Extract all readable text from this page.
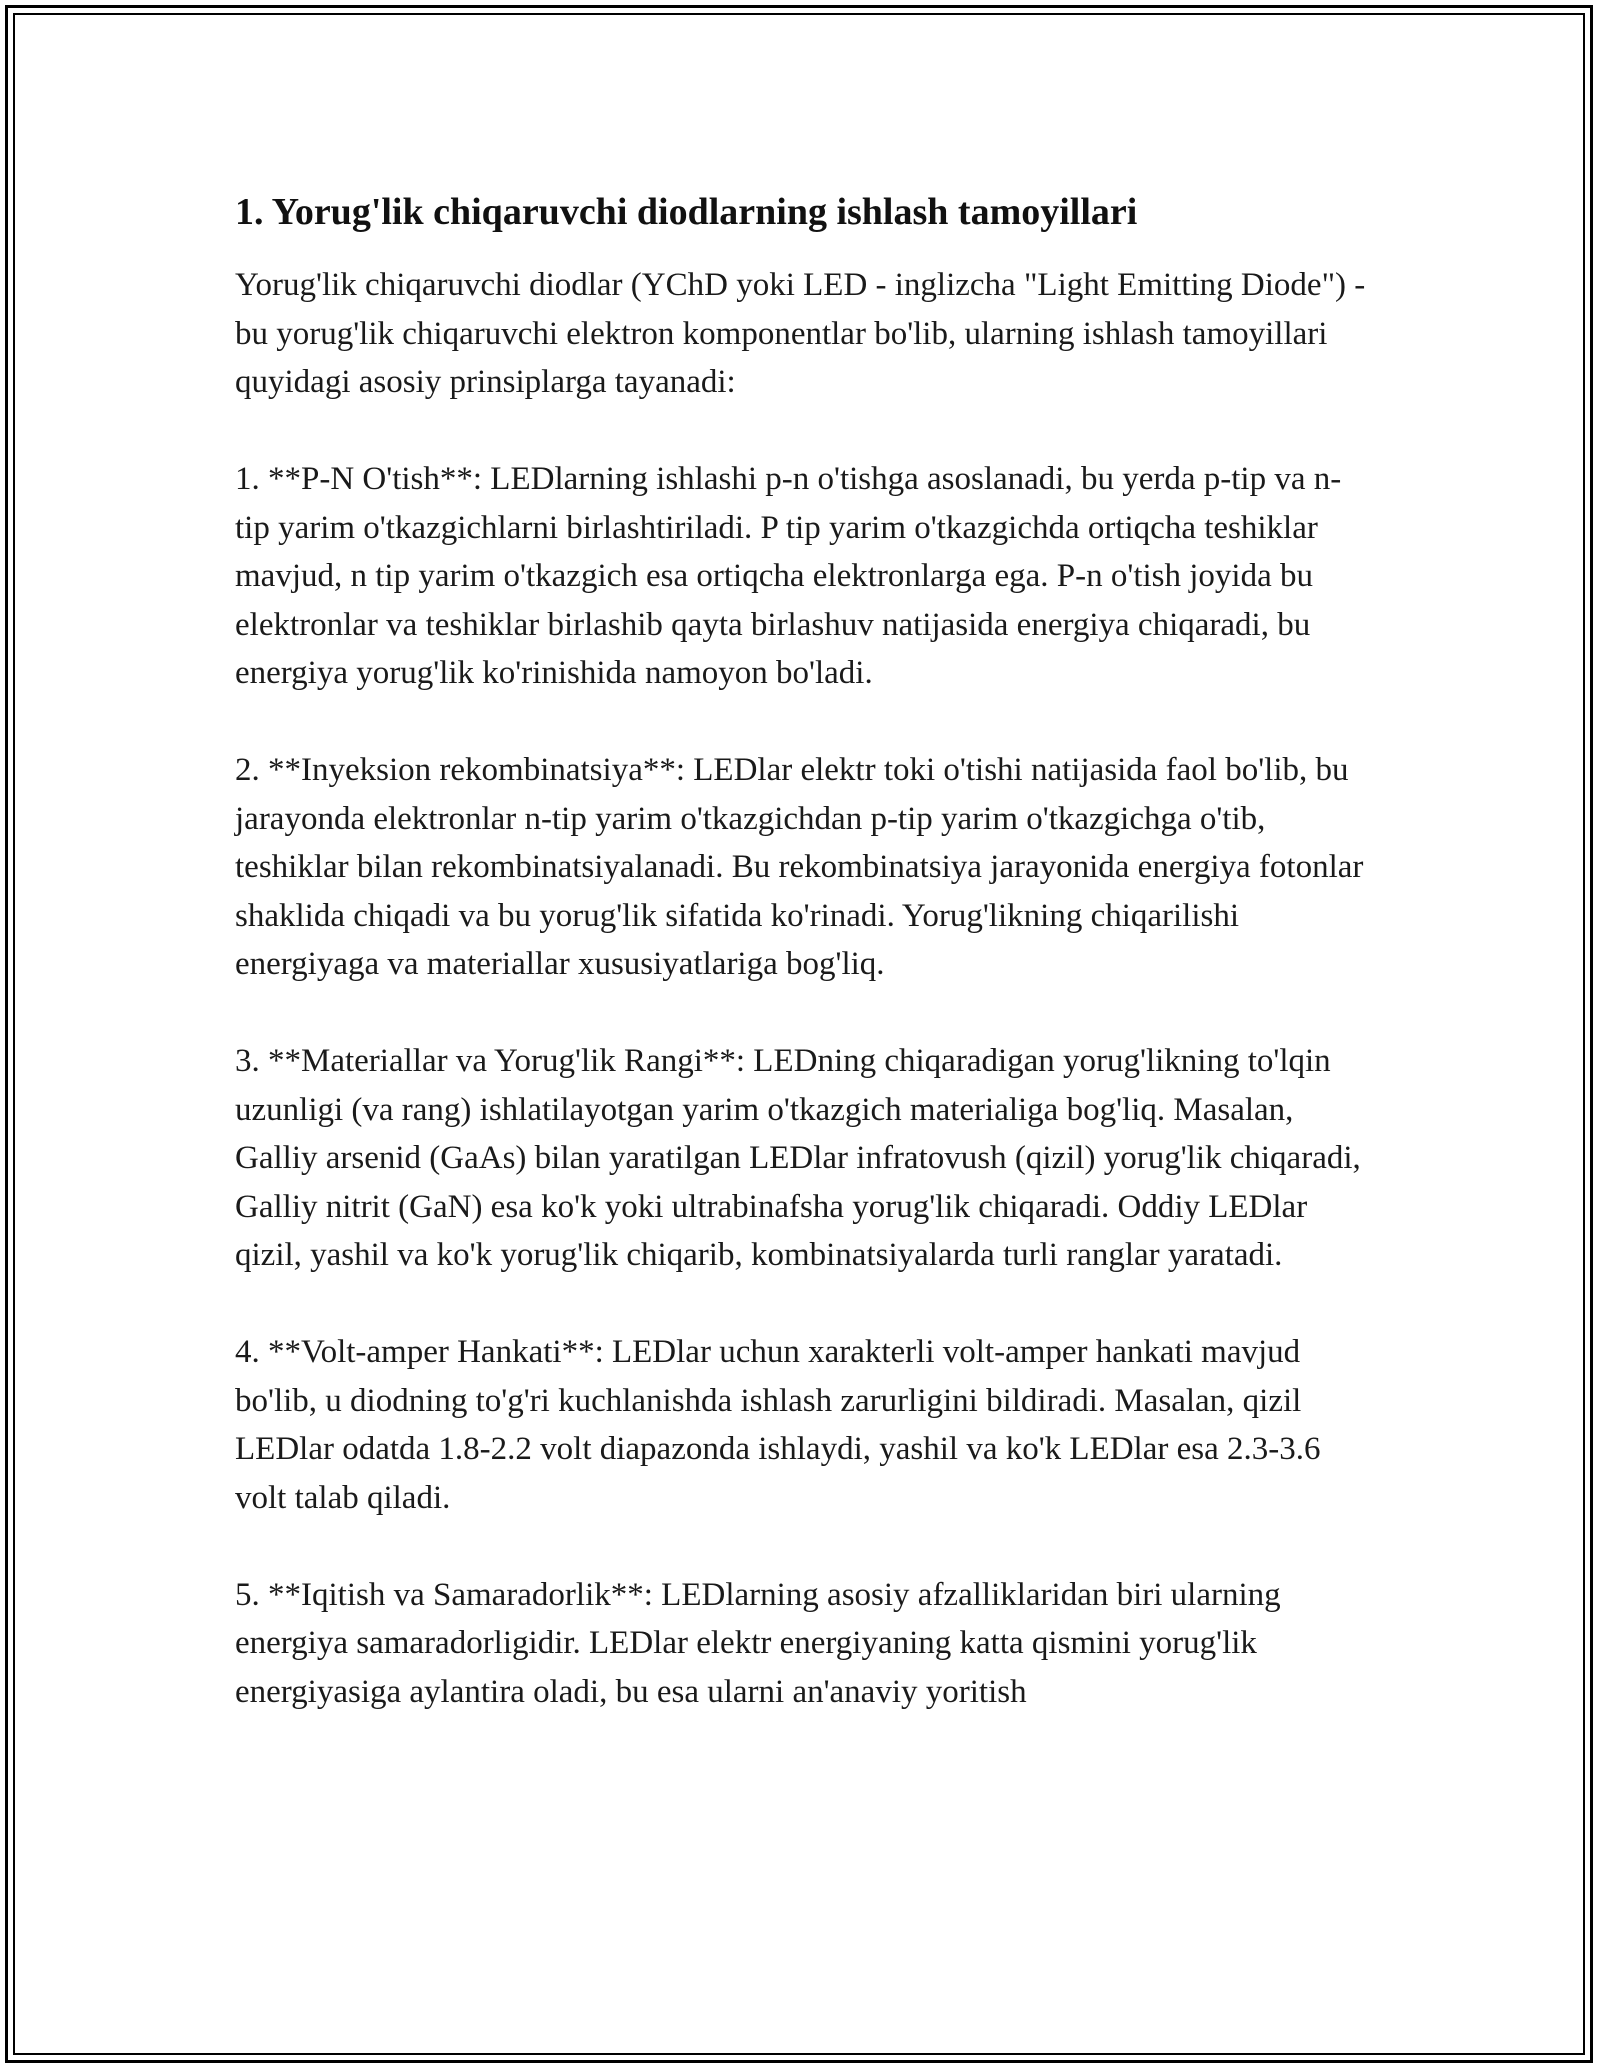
1. Yorug'lik chiqaruvchi diodlarning ishlash tamoyillari

Yorug'lik chiqaruvchi diodlar (YChD yoki LED - inglizcha "Light Emitting Diode") - bu yorug'lik chiqaruvchi elektron komponentlar bo'lib, ularning ishlash tamoyillari quyidagi asosiy prinsiplarga tayanadi:

1. **P-N O'tish**: LEDlarning ishlashi p-n o'tishga asoslanadi, bu yerda p-tip va n-tip yarim o'tkazgichlarni birlashtiriladi. P tip yarim o'tkazgichda ortiqcha teshiklar mavjud, n tip yarim o'tkazgich esa ortiqcha elektronlarga ega. P-n o'tish joyida bu elektronlar va teshiklar birlashib qayta birlashuv natijasida energiya chiqaradi, bu energiya yorug'lik ko'rinishida namoyon bo'ladi.

2. **Inyeksion rekombinatsiya**: LEDlar elektr toki o'tishi natijasida faol bo'lib, bu jarayonda elektronlar n-tip yarim o'tkazgichdan p-tip yarim o'tkazgichga o'tib, teshiklar bilan rekombinatsiyalanadi. Bu rekombinatsiya jarayonida energiya fotonlar shaklida chiqadi va bu yorug'lik sifatida ko'rinadi. Yorug'likning chiqarilishi energiyaga va materiallar xususiyatlariga bog'liq.

3. **Materiallar va Yorug'lik Rangi**: LEDning chiqaradigan yorug'likning to'lqin uzunligi (va rang) ishlatilayotgan yarim o'tkazgich materialiga bog'liq. Masalan, Galliy arsenid (GaAs) bilan yaratilgan LEDlar infratovush (qizil) yorug'lik chiqaradi, Galliy nitrit (GaN) esa ko'k yoki ultrabinafsha yorug'lik chiqaradi. Oddiy LEDlar qizil, yashil va ko'k yorug'lik chiqarib, kombinatsiyalarda turli ranglar yaratadi.

4. **Volt-amper Hankati**: LEDlar uchun xarakterli volt-amper hankati mavjud bo'lib, u diodning to'g'ri kuchlanishda ishlash zarurligini bildiradi. Masalan, qizil LEDlar odatda 1.8-2.2 volt diapazonda ishlaydi, yashil va ko'k LEDlar esa 2.3-3.6 volt talab qiladi.

5. **Iqitish va Samaradorlik**: LEDlarning asosiy afzalliklaridan biri ularning energiya samaradorligidir. LEDlar elektr energiyaning katta qismini yorug'lik energiyasiga aylantira oladi, bu esa ularni an'anaviy yoritish
